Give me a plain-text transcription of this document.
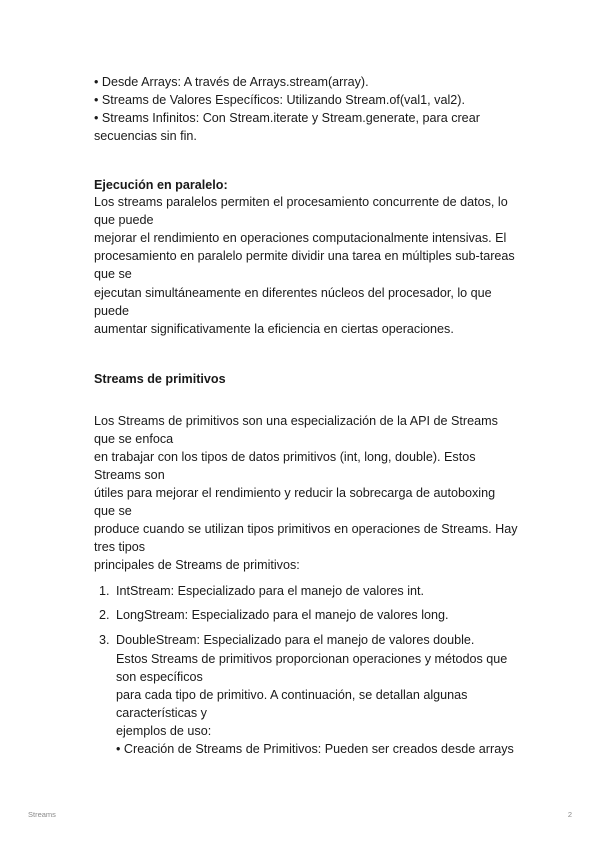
• Desde Arrays: A través de Arrays.stream(array).

• Streams de Valores Específicos: Utilizando Stream.of(val1, val2).

• Streams Infinitos: Con Stream.iterate y Stream.generate, para crear

secuencias sin fin.

Ejecución en paralelo:

Los streams paralelos permiten el procesamiento concurrente de datos, lo

que puede

mejorar el rendimiento en operaciones computacionalmente intensivas. El

procesamiento en paralelo permite dividir una tarea en múltiples sub-tareas

que se

ejecutan simultáneamente en diferentes núcleos del procesador, lo que

puede

aumentar significativamente la eficiencia en ciertas operaciones.

Streams de primitivos

Los Streams de primitivos son una especialización de la API de Streams

que se enfoca

en trabajar con los tipos de datos primitivos (int, long, double). Estos

Streams son

útiles para mejorar el rendimiento y reducir la sobrecarga de autoboxing

que se

produce cuando se utilizan tipos primitivos en operaciones de Streams. Hay

tres tipos

principales de Streams de primitivos:

1. IntStream: Especializado para el manejo de valores int.

2. LongStream: Especializado para el manejo de valores long.

3. DoubleStream: Especializado para el manejo de valores double.

Estos Streams de primitivos proporcionan operaciones y métodos que

son específicos

para cada tipo de primitivo. A continuación, se detallan algunas

características y

ejemplos de uso:

• Creación de Streams de Primitivos: Pueden ser creados desde arrays

Streams	2
